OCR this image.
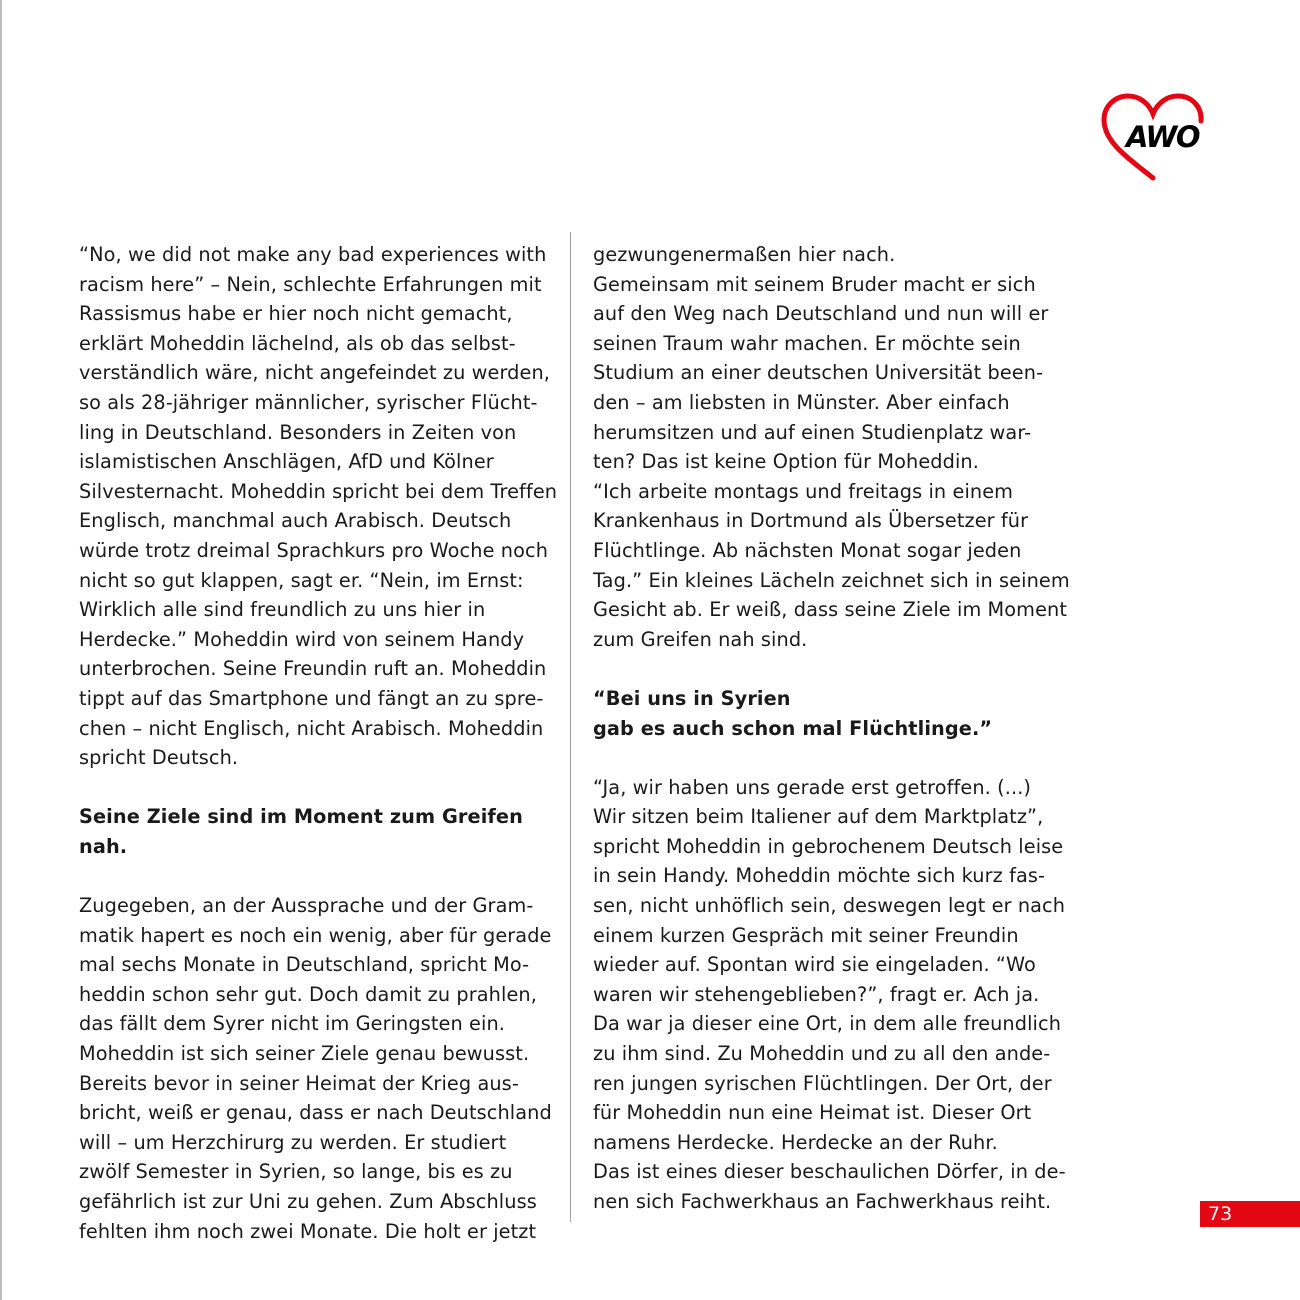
AWO

“No, we did not make any bad experiences with
racism here” – Nein, schlechte Erfahrungen mit
Rassismus habe er hier noch nicht gemacht,
erklärt Moheddin lächelnd, als ob das selbst-
verständlich wäre, nicht angefeindet zu werden,
so als 28-jähriger männlicher, syrischer Flücht-
ling in Deutschland. Besonders in Zeiten von
islamistischen Anschlägen, AfD und Kölner
Silvesternacht. Moheddin spricht bei dem Treffen
Englisch, manchmal auch Arabisch. Deutsch
würde trotz dreimal Sprachkurs pro Woche noch
nicht so gut klappen, sagt er. “Nein, im Ernst:
Wirklich alle sind freundlich zu uns hier in
Herdecke.” Moheddin wird von seinem Handy
unterbrochen. Seine Freundin ruft an. Moheddin
tippt auf das Smartphone und fängt an zu spre-
chen – nicht Englisch, nicht Arabisch. Moheddin
spricht Deutsch.

Seine Ziele sind im Moment zum Greifen nah.

Zugegeben, an der Aussprache und der Gram-
matik hapert es noch ein wenig, aber für gerade
mal sechs Monate in Deutschland, spricht Mo-
heddin schon sehr gut. Doch damit zu prahlen,
das fällt dem Syrer nicht im Geringsten ein.
Moheddin ist sich seiner Ziele genau bewusst.
Bereits bevor in seiner Heimat der Krieg aus-
bricht, weiß er genau, dass er nach Deutschland
will – um Herzchirurg zu werden. Er studiert
zwölf Semester in Syrien, so lange, bis es zu
gefährlich ist zur Uni zu gehen. Zum Abschluss
fehlten ihm noch zwei Monate. Die holt er jetzt

gezwungenermaßen hier nach.
Gemeinsam mit seinem Bruder macht er sich
auf den Weg nach Deutschland und nun will er
seinen Traum wahr machen. Er möchte sein
Studium an einer deutschen Universität been-
den – am liebsten in Münster. Aber einfach
herumsitzen und auf einen Studienplatz war-
ten? Das ist keine Option für Moheddin.
“Ich arbeite montags und freitags in einem
Krankenhaus in Dortmund als Übersetzer für
Flüchtlinge. Ab nächsten Monat sogar jeden
Tag.” Ein kleines Lächeln zeichnet sich in seinem
Gesicht ab. Er weiß, dass seine Ziele im Moment
zum Greifen nah sind.

“Bei uns in Syrien
gab es auch schon mal Flüchtlinge.”

“Ja, wir haben uns gerade erst getroffen. (...)
Wir sitzen beim Italiener auf dem Marktplatz”,
spricht Moheddin in gebrochenem Deutsch leise
in sein Handy. Moheddin möchte sich kurz fas-
sen, nicht unhöflich sein, deswegen legt er nach
einem kurzen Gespräch mit seiner Freundin
wieder auf. Spontan wird sie eingeladen. “Wo
waren wir stehengeblieben?”, fragt er. Ach ja.
Da war ja dieser eine Ort, in dem alle freundlich
zu ihm sind. Zu Moheddin und zu all den ande-
ren jungen syrischen Flüchtlingen. Der Ort, der
für Moheddin nun eine Heimat ist. Dieser Ort
namens Herdecke. Herdecke an der Ruhr.
Das ist eines dieser beschaulichen Dörfer, in de-
nen sich Fachwerkhaus an Fachwerkhaus reiht.

73
